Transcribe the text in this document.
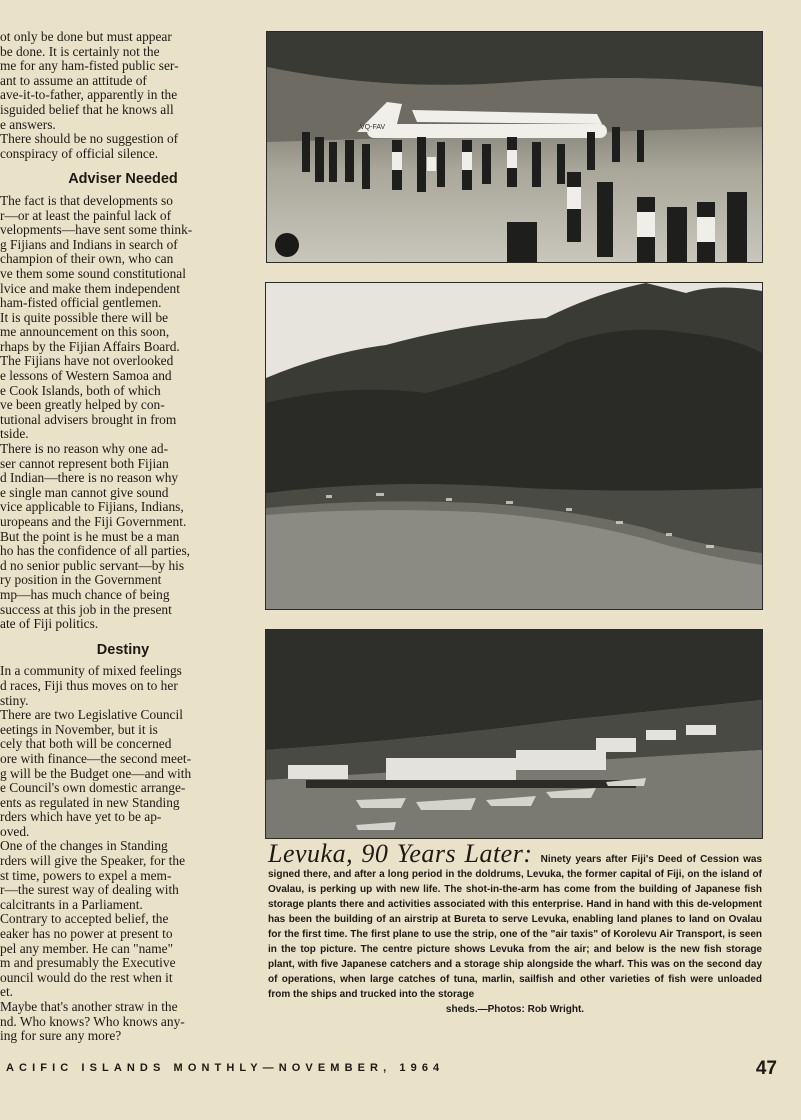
ot only be done but must appear
be done. It is certainly not the
me for any ham-fisted public ser-
ant to assume an attitude of
ave-it-to-father, apparently in the
isguided belief that he knows all
e answers.

There should be no suggestion of
conspiracy of official silence.

Adviser Needed

The fact is that developments so
r—or at least the painful lack of
velopments—have sent some think-
g Fijians and Indians in search of
champion of their own, who can
ve them some sound constitutional
lvice and make them independent
ham-fisted official gentlemen.

It is quite possible there will be
me announcement on this soon,
rhaps by the Fijian Affairs Board.

The Fijians have not overlooked
e lessons of Western Samoa and
e Cook Islands, both of which
ve been greatly helped by con-
tutional advisers brought in from
tside.

There is no reason why one ad-
ser cannot represent both Fijian
d Indian—there is no reason why
e single man cannot give sound
vice applicable to Fijians, Indians,
uropeans and the Fiji Government.

But the point is he must be a man
ho has the confidence of all parties,
d no senior public servant—by his
ry position in the Government
mp—has much chance of being
success at this job in the present
ate of Fiji politics.

Destiny

In a community of mixed feelings
d races, Fiji thus moves on to her
stiny.

There are two Legislative Council
eetings in November, but it is
cely that both will be concerned
ore with finance—the second meet-
g will be the Budget one—and with
e Council's own domestic arrange-
ents as regulated in new Standing
rders which have yet to be ap-
oved.

One of the changes in Standing
rders will give the Speaker, for the
st time, powers to expel a mem-
r—the surest way of dealing with
calcitrants in a Parliament.

Contrary to accepted belief, the
eaker has no power at present to
pel any member. He can "name"
m and presumably the Executive
ouncil would do the rest when it
et.

Maybe that's another straw in the
nd. Who knows? Who knows any-
ing for sure any more?

VQ-FAV
Levuka, 90 Years Later: Ninety years after Fiji's Deed of Cession was signed there, and after a long period in the doldrums, Levuka, the former capital of Fiji, on the island of Ovalau, is perking up with new life. The shot-in-the-arm has come from the building of Japanese fish storage plants there and activities associated with this enterprise. Hand in hand with this de-velopment has been the building of an airstrip at Bureta to serve Levuka, enabling land planes to land on Ovalau for the first time. The first plane to use the strip, one of the "air taxis" of Korolevu Air Transport, is seen in the top picture. The centre picture shows Levuka from the air; and below is the new fish storage plant, with five Japanese catchers and a storage ship alongside the wharf. This was on the second day of operations, when large catches of tuna, marlin, sailfish and other varieties of fish were unloaded from the ships and trucked into the storage
sheds.—Photos: Rob Wright.
ACIFIC ISLANDS MONTHLY—NOVEMBER, 1964	47
